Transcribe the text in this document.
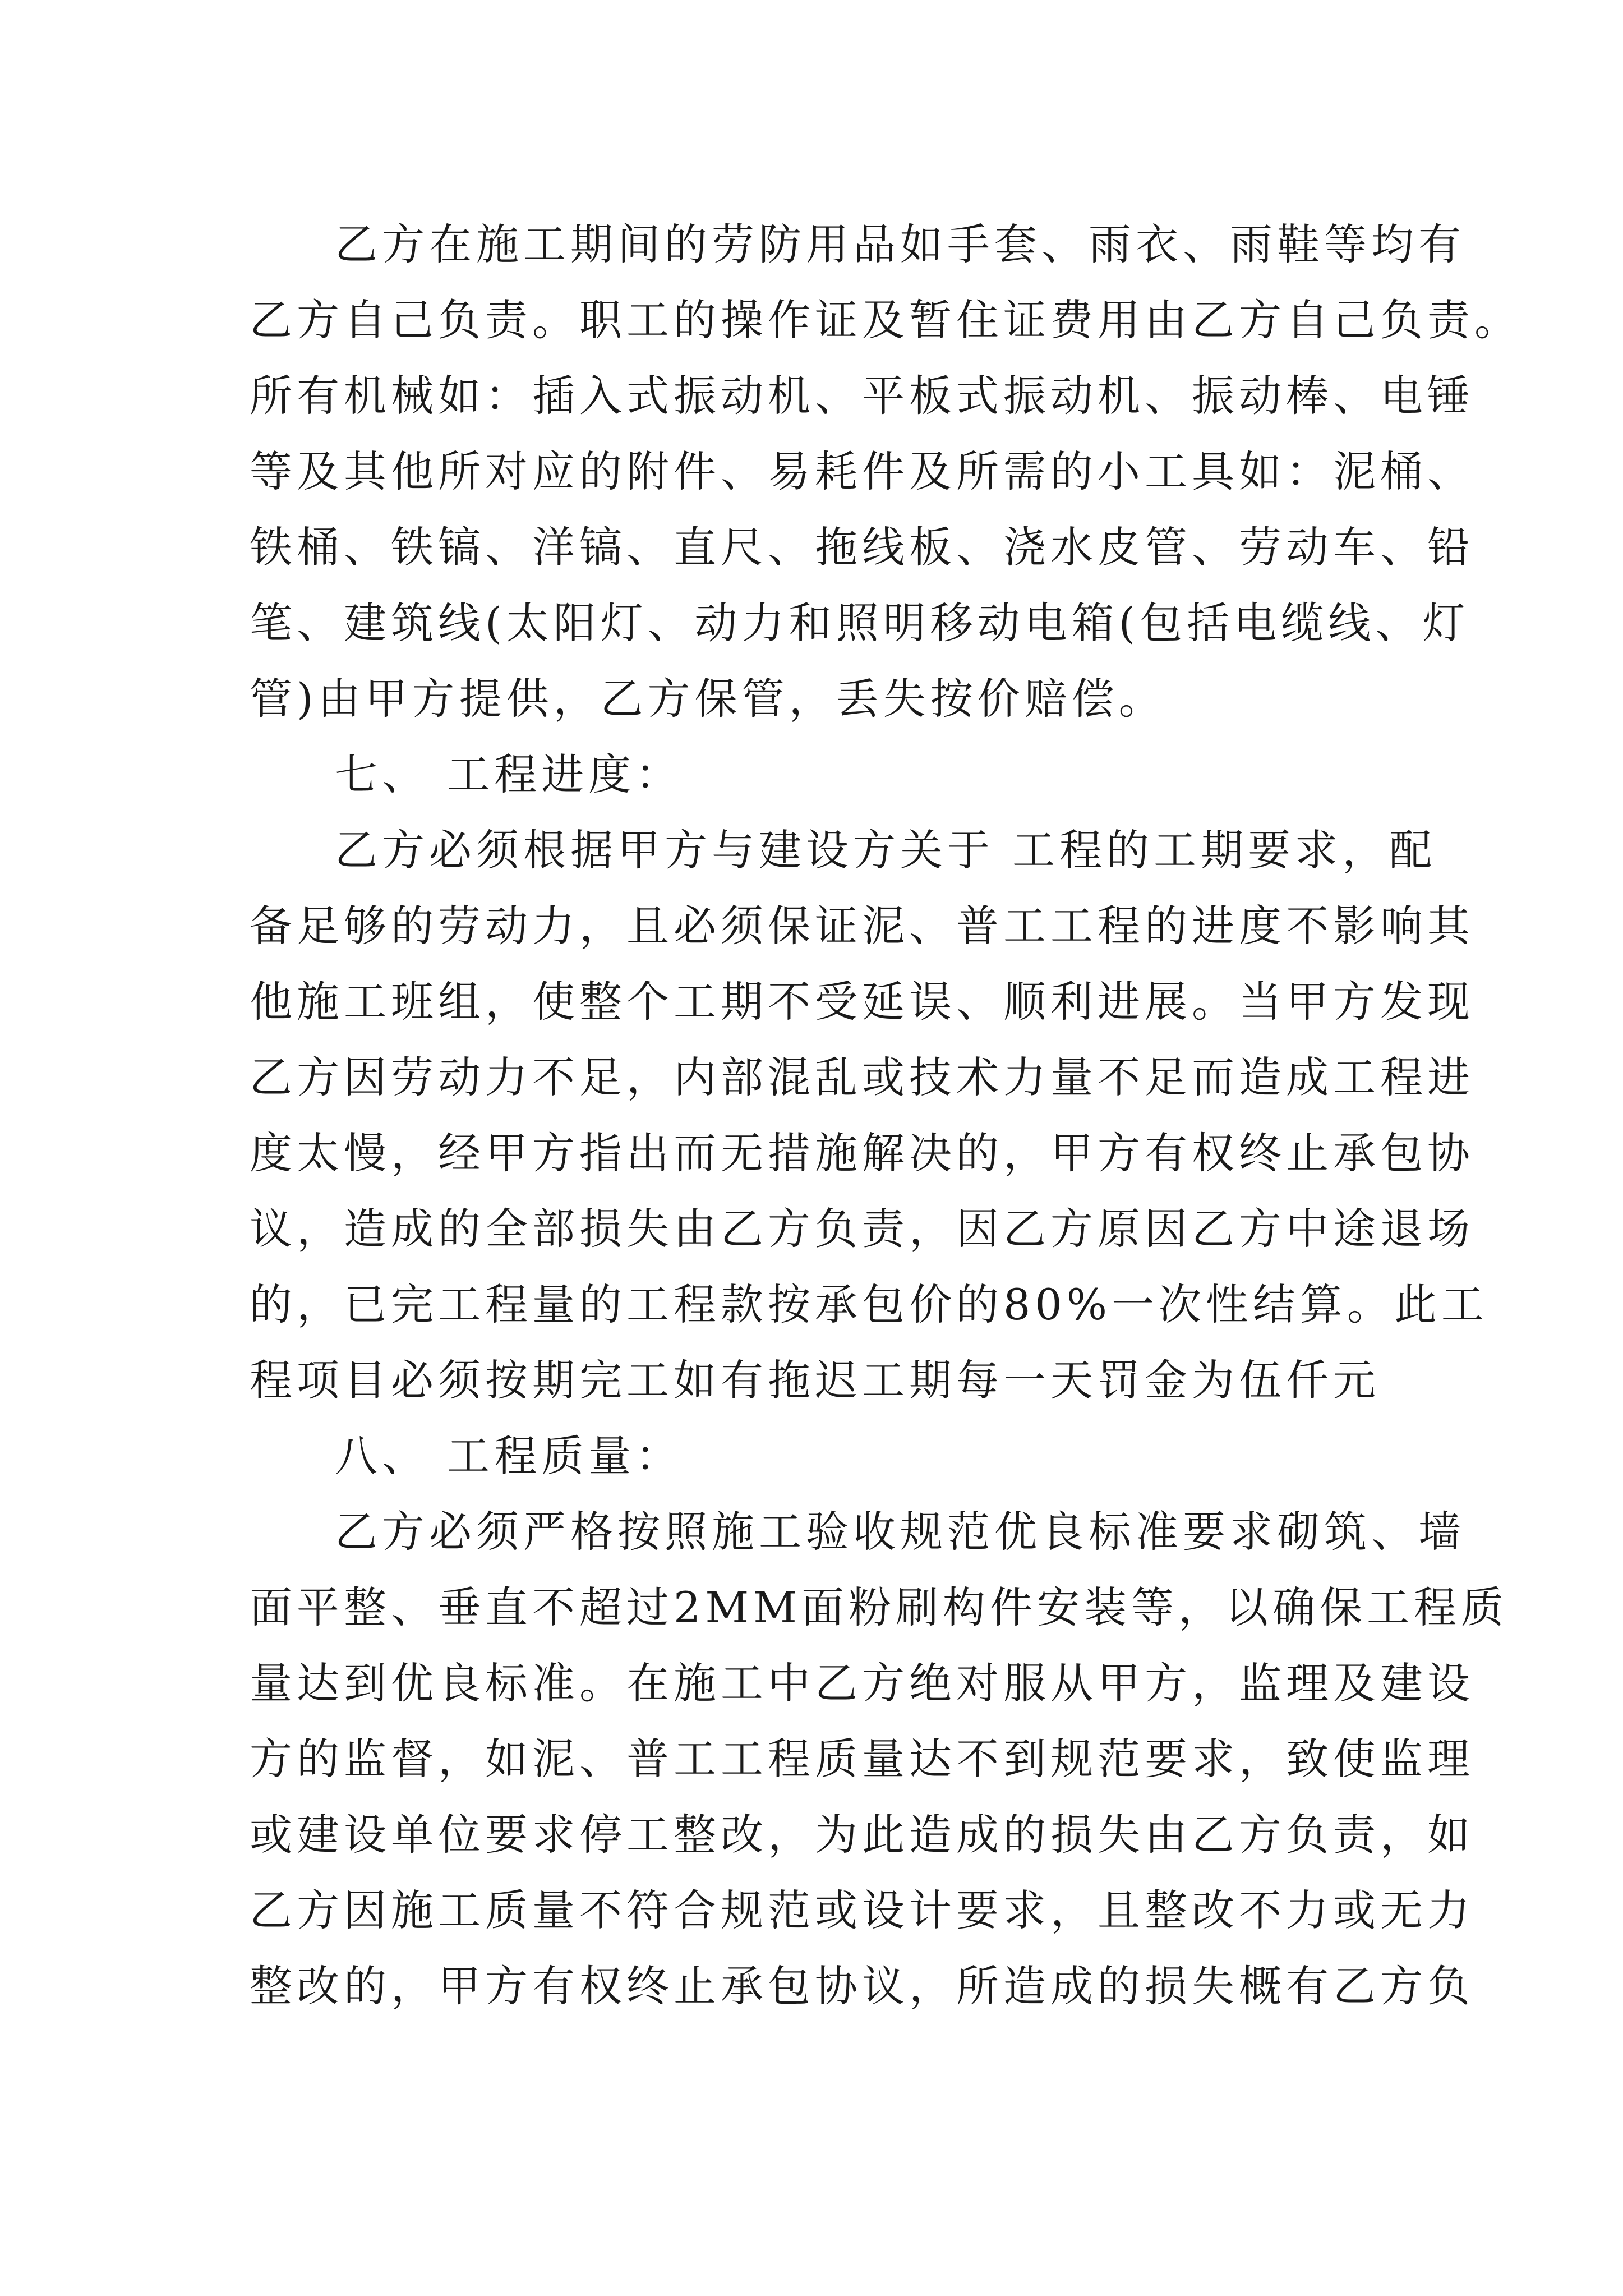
乙方在施工期间的劳防用品如手套、雨衣、雨鞋等均有
乙方自己负责。职工的操作证及暂住证费用由乙方自己负责。
所有机械如：插入式振动机、平板式振动机、振动棒、电锤
等及其他所对应的附件、易耗件及所需的小工具如：泥桶、
铁桶、铁镐、洋镐、直尺、拖线板、浇水皮管、劳动车、铅
笔、建筑线(太阳灯、动力和照明移动电箱(包括电缆线、灯
管)由甲方提供，乙方保管，丢失按价赔偿。
七、 工程进度：
乙方必须根据甲方与建设方关于 工程的工期要求，配
备足够的劳动力，且必须保证泥、普工工程的进度不影响其
他施工班组，使整个工期不受延误、顺利进展。当甲方发现
乙方因劳动力不足，内部混乱或技术力量不足而造成工程进
度太慢，经甲方指出而无措施解决的，甲方有权终止承包协
议，造成的全部损失由乙方负责，因乙方原因乙方中途退场
的，已完工程量的工程款按承包价的80%一次性结算。此工
程项目必须按期完工如有拖迟工期每一天罚金为伍仟元
八、 工程质量：
乙方必须严格按照施工验收规范优良标准要求砌筑、墙
面平整、垂直不超过2MM面粉刷构件安装等，以确保工程质
量达到优良标准。在施工中乙方绝对服从甲方，监理及建设
方的监督，如泥、普工工程质量达不到规范要求，致使监理
或建设单位要求停工整改，为此造成的损失由乙方负责，如
乙方因施工质量不符合规范或设计要求，且整改不力或无力
整改的，甲方有权终止承包协议，所造成的损失概有乙方负
